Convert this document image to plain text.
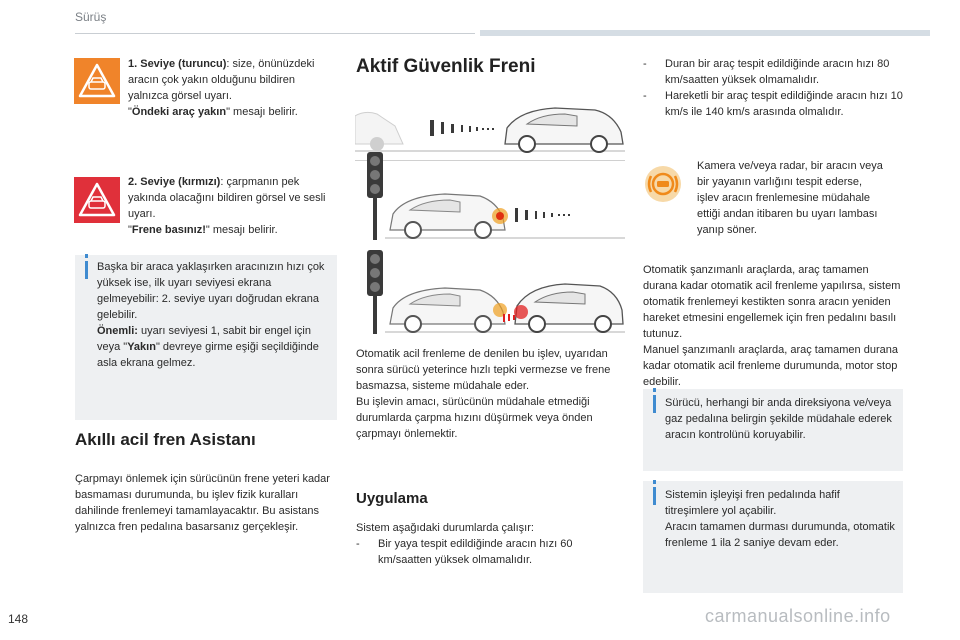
Sürüş
1. Seviye (turuncu): size, önünüzdeki aracın çok yakın olduğunu bildiren yalnızca görsel uyarı.
"Öndeki araç yakın" mesajı belirir.
2. Seviye (kırmızı): çarpmanın pek yakında olacağını bildiren görsel ve sesli uyarı.
"Frene basınız!" mesajı belirir.
Başka bir araca yaklaşırken aracınızın hızı çok yüksek ise, ilk uyarı seviyesi ekrana gelmeyebilir: 2. seviye uyarı doğrudan ekrana gelebilir.
Önemli: uyarı seviyesi 1, sabit bir engel için veya "Yakın" devreye girme eşiği seçildiğinde asla ekrana gelmez.
Akıllı acil fren Asistanı
Çarpmayı önlemek için sürücünün frene yeteri kadar basmaması durumunda, bu işlev fizik kuralları dahilinde frenlemeyi tamamlayacaktır. Bu asistans yalnızca fren pedalına basarsanız gerçekleşir.
Aktif Güvenlik Freni
Otomatik acil frenleme de denilen bu işlev, uyarıdan sonra sürücü yeterince hızlı tepki vermezse ve frene basmazsa, sisteme müdahale eder.
Bu işlevin amacı, sürücünün müdahale etmediği durumlarda çarpma hızını düşürmek veya önden çarpmayı önlemektir.
Uygulama
Sistem aşağıdaki durumlarda çalışır:
- Bir yaya tespit edildiğinde aracın hızı 60 km/saatten yüksek olmamalıdır.
- Duran bir araç tespit edildiğinde aracın hızı 80 km/saatten yüksek olmamalıdır.
- Hareketli bir araç tespit edildiğinde aracın hızı 10 km/s ile 140 km/s arasında olmalıdır.
Kamera ve/veya radar, bir aracın veya bir yayanın varlığını tespit ederse, işlev aracın frenlemesine müdahale ettiği andan itibaren bu uyarı lambası yanıp söner.
Otomatik şanzımanlı araçlarda, araç tamamen durana kadar otomatik acil frenleme yapılırsa, sistem otomatik frenlemeyi kestikten sonra aracın yeniden hareket etmesini engellemek için fren pedalını basılı tutunuz.
Manuel şanzımanlı araçlarda, araç tamamen durana kadar otomatik acil frenleme durumunda, motor stop edebilir.
Sürücü, herhangi bir anda direksiyona ve/veya gaz pedalına belirgin şekilde müdahale ederek aracın kontrolünü koruyabilir.
Sistemin işleyişi fren pedalında hafif titreşimlere yol açabilir.
Aracın tamamen durması durumunda, otomatik frenleme 1 ila 2 saniye devam eder.
148	carmanualsonline.info
